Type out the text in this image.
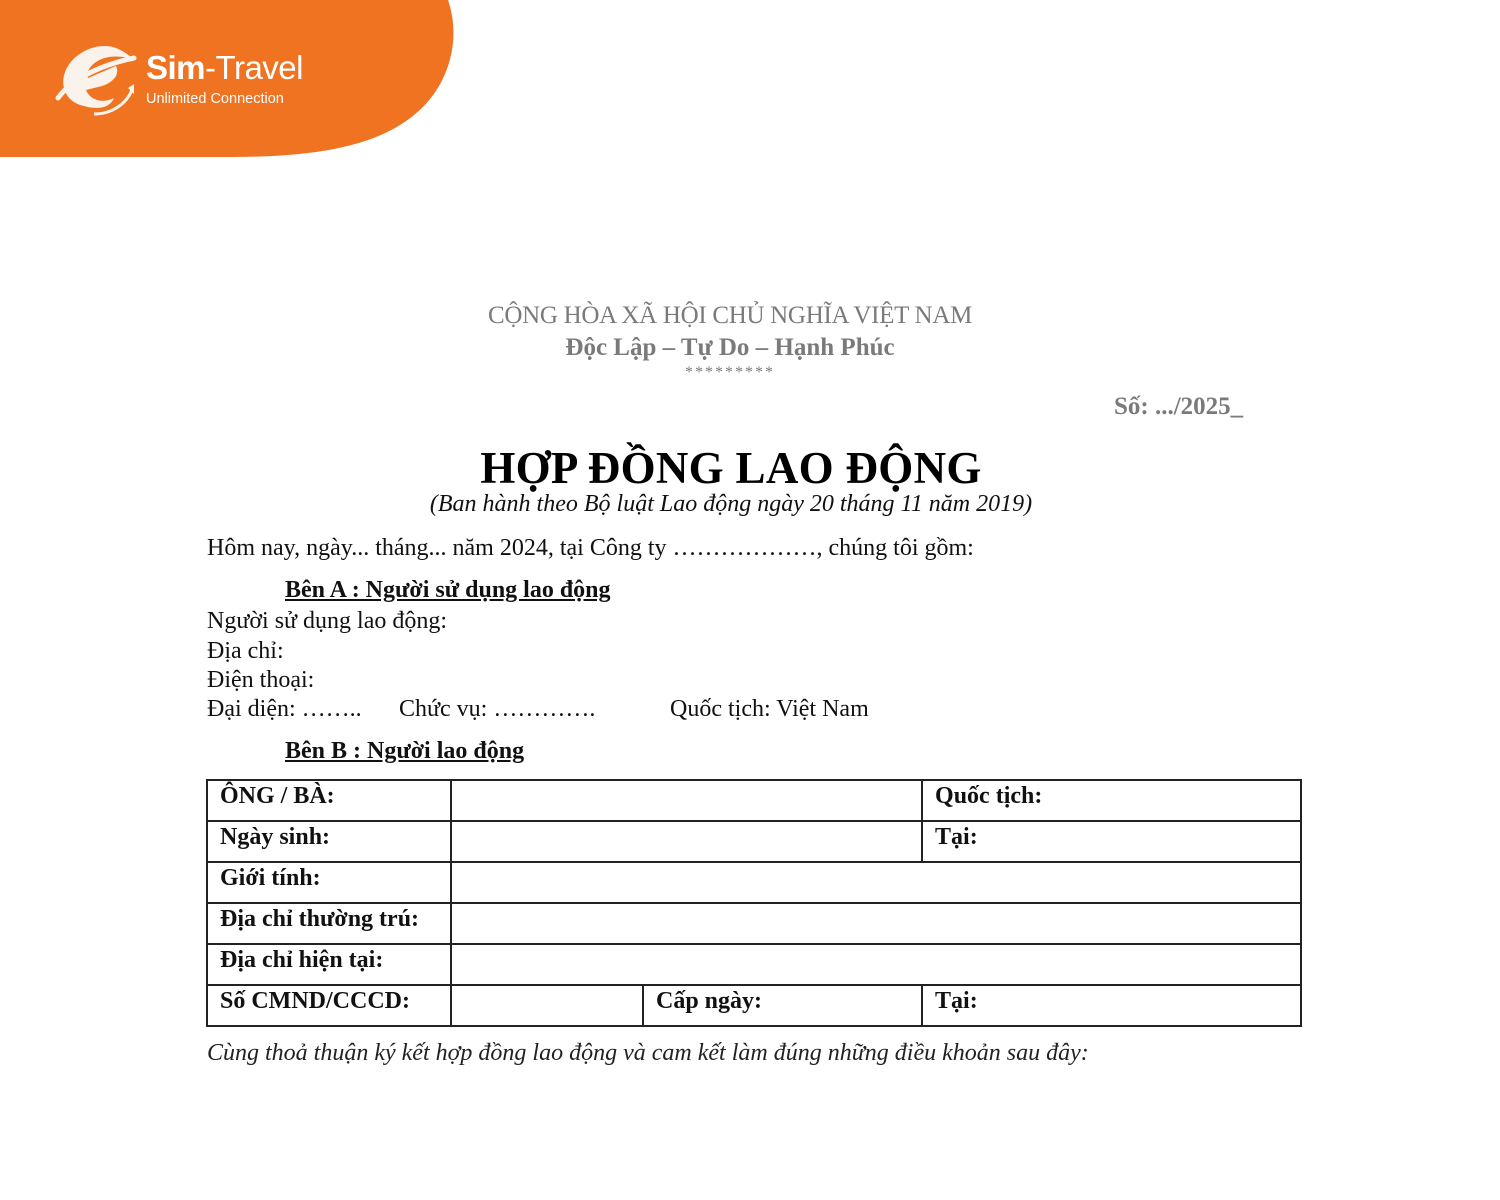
Sim-Travel
Unlimited Connection
CỘNG HÒA XÃ HỘI CHỦ NGHĨA VIỆT NAM
Độc Lập – Tự Do – Hạnh Phúc
*********
Số: .../2025_
HỢP ĐỒNG LAO ĐỘNG
(Ban hành theo Bộ luật Lao động ngày 20 tháng 11 năm 2019)
Hôm nay, ngày... tháng... năm 2024, tại Công ty ………………, chúng tôi gồm:
Bên A : Người sử dụng lao động
Người sử dụng lao động:
Địa chỉ:
Điện thoại:
Đại diện: …….. Chức vụ: ………….	Quốc tịch: Việt Nam
Bên B : Người lao động
ÔNG / BÀ:			Quốc tịch:
Ngày sinh:			Tại:
Giới tính:			
Địa chỉ thường trú:			
Địa chỉ hiện tại:			
Số CMND/CCCD:		Cấp ngày:	Tại:
Cùng thoả thuận ký kết hợp đồng lao động và cam kết làm đúng những điều khoản sau đây:
